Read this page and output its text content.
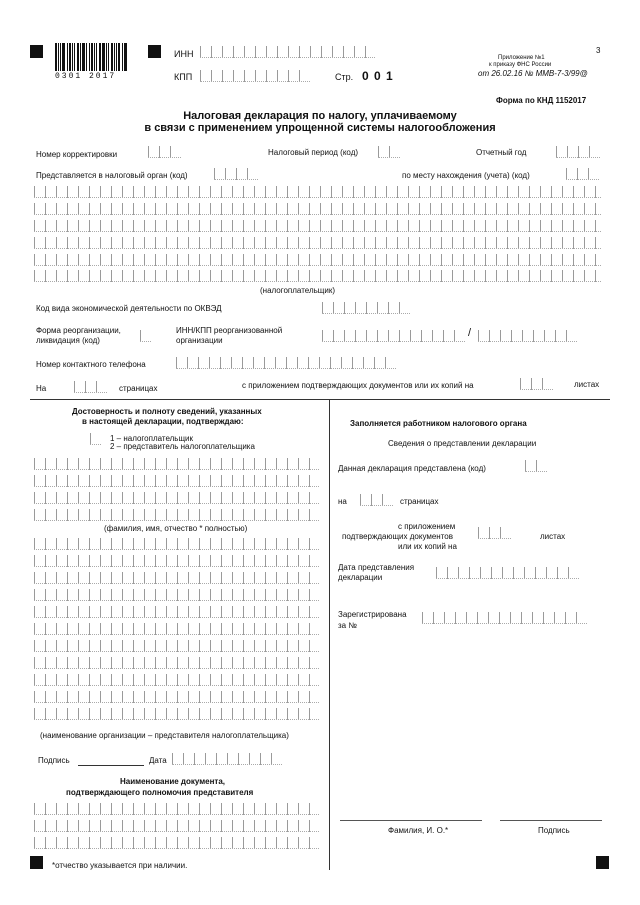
0301 2017
ИНН
КПП	Стр. 0 0 1
3
Приложение №1
к приказу ФНС России
от 26.02.16 № ММВ-7-3/99@
Форма по КНД 1152017
Налоговая декларация по налогу, уплачиваемому
в связи с применением упрощенной системы налогообложения
Номер корректировки	Налоговый период (код)	Отчетный год
Представляется в налоговый орган (код)	по месту нахождения (учета) (код)
(налогоплательщик)
Код вида экономической деятельности по ОКВЭД
Форма реорганизации,
ликвидация (код)
ИНН/КПП реорганизованной
организации
/
Номер контактного телефона
На	страницах	с приложением подтверждающих документов или их копий на	листах
Достоверность и полноту сведений, указанных
в настоящей декларации, подтверждаю:
1 – налогоплательщик
2 – представитель налогоплательщика
(фамилия, имя, отчество * полностью)
(наименование организации – представителя налогоплательщика)
Подпись	Дата
Наименование документа,
подтверждающего полномочия представителя
Заполняется работником налогового органа
Сведения о представлении декларации
Данная декларация представлена (код)
на	страницах
с приложением
подтверждающих документов
или их копий на
листах
Дата представления
декларации
Зарегистрирована
за №
Фамилия, И. О.*	Подпись
*отчество указывается при наличии.
